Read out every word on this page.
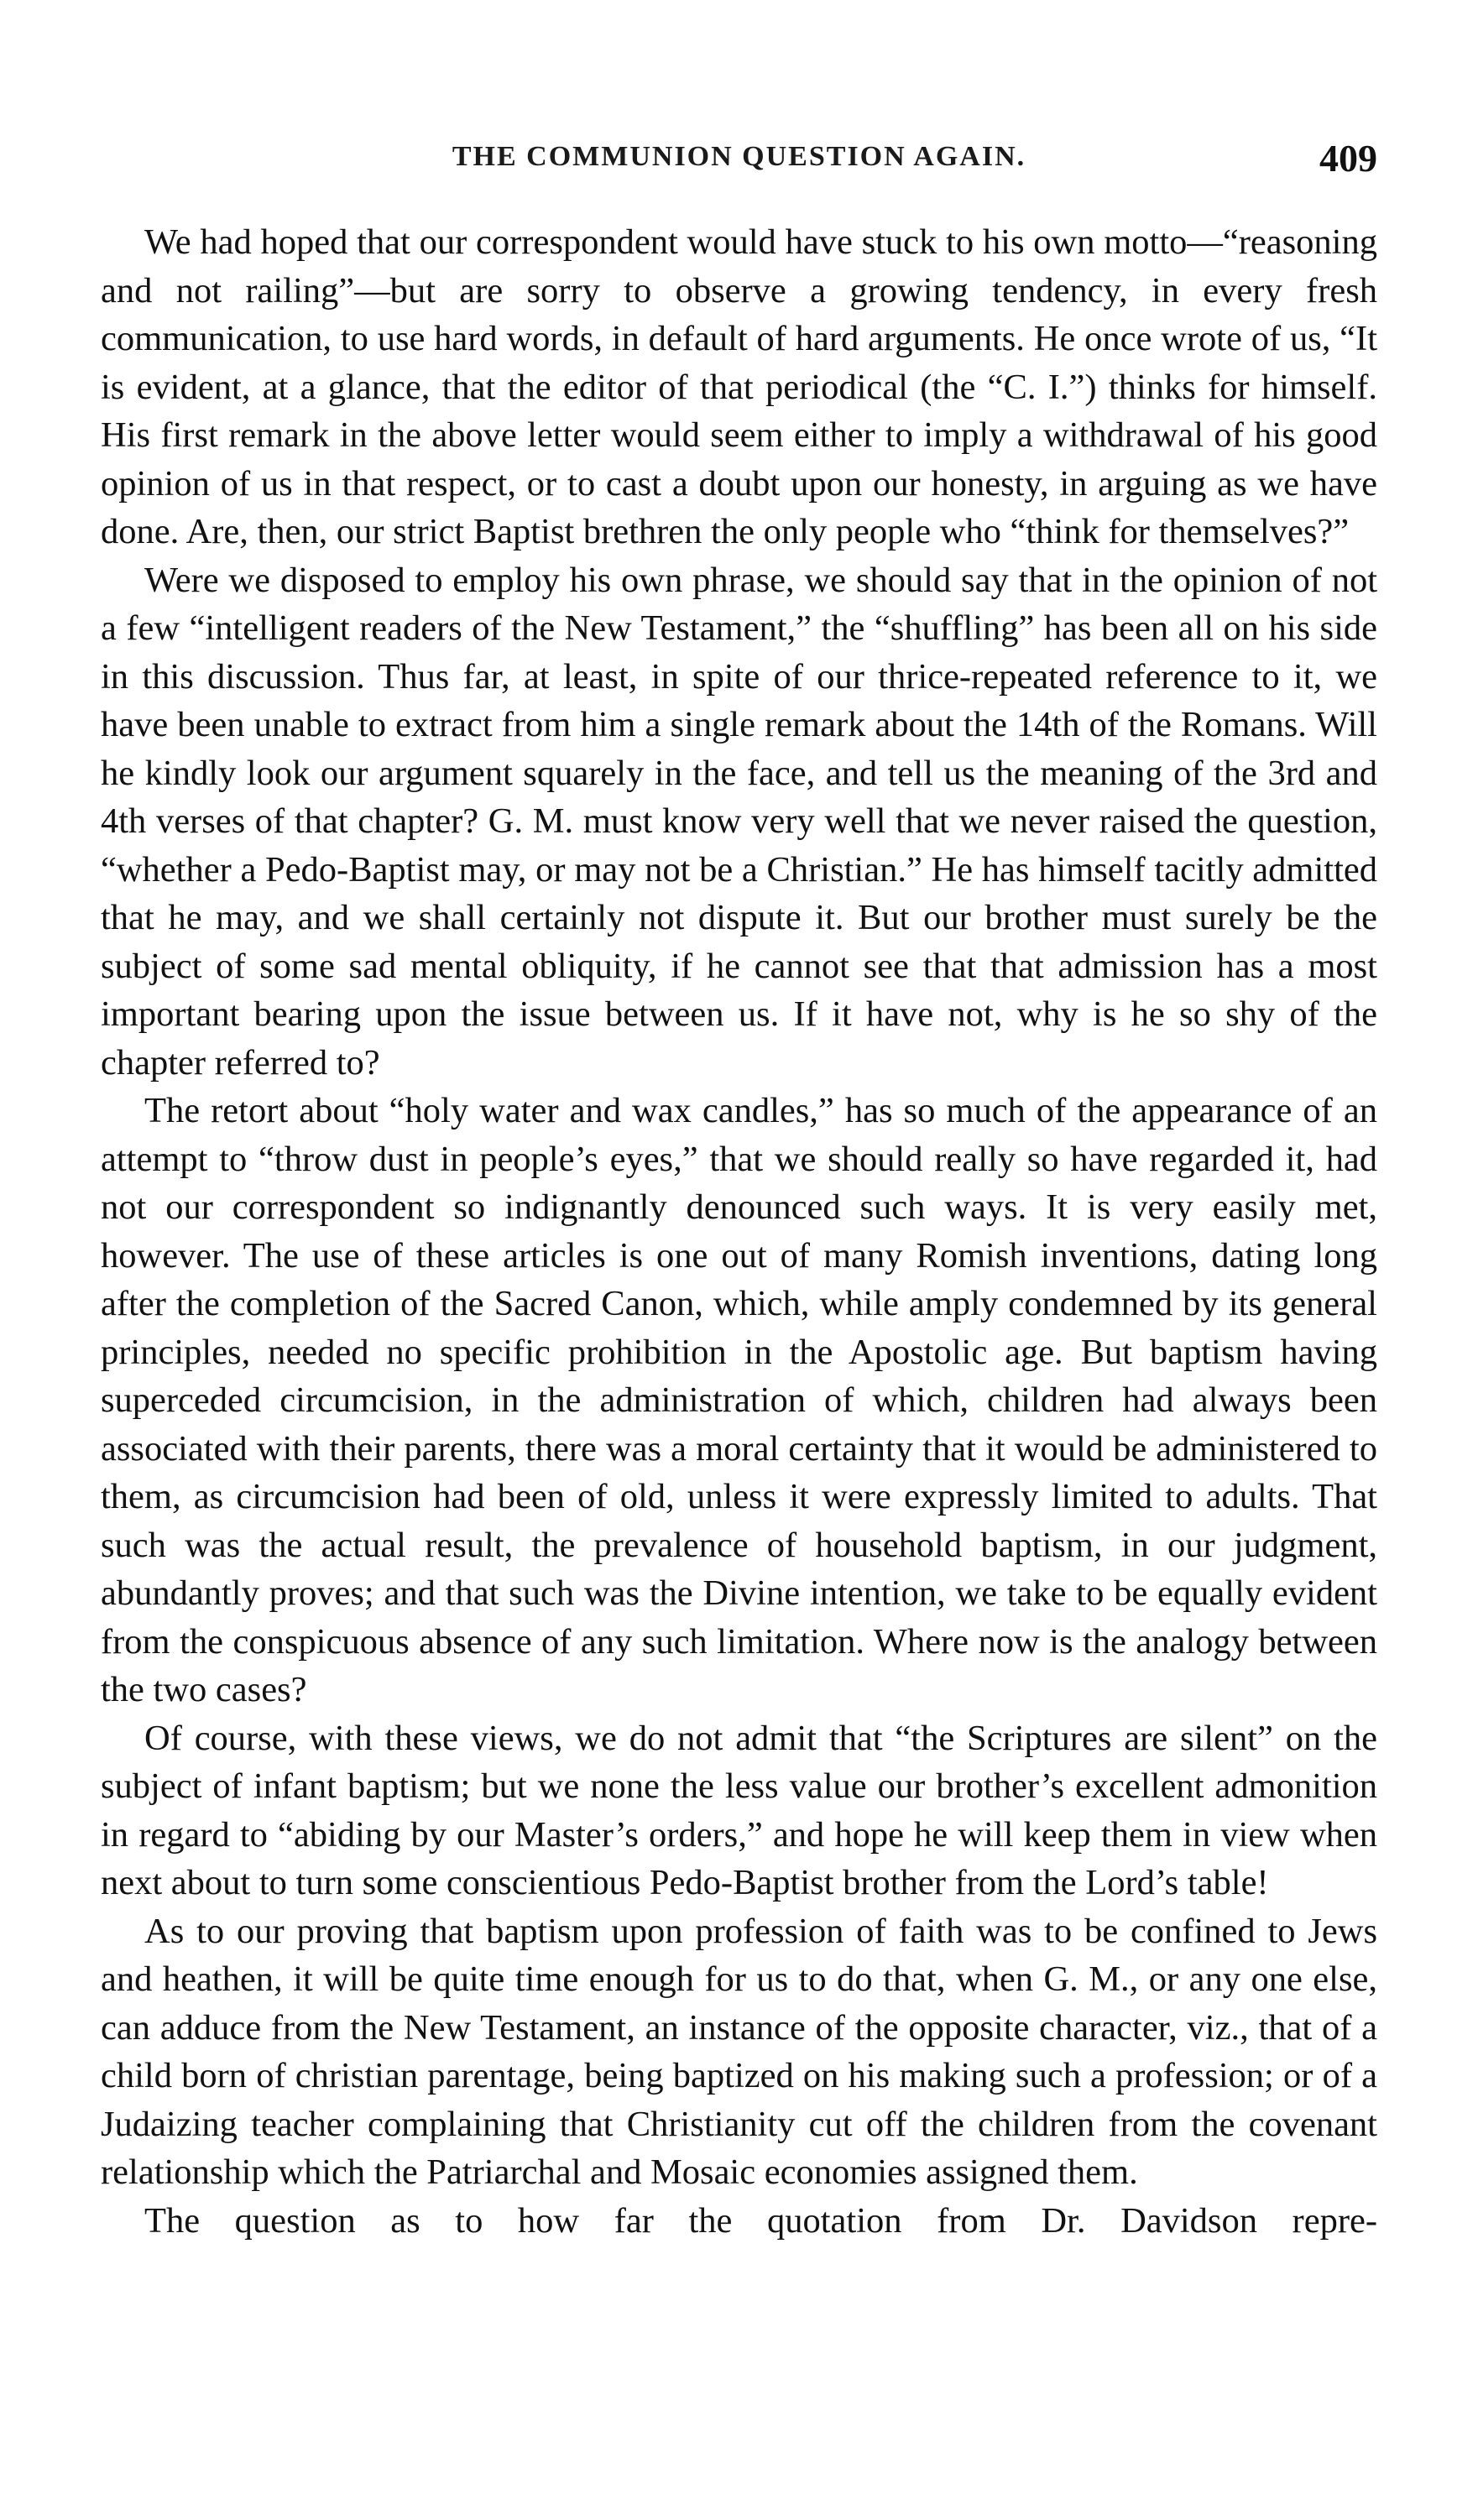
THE COMMUNION QUESTION AGAIN.	409

We had hoped that our correspondent would have stuck to his own motto—“reasoning and not railing”—but are sorry to observe a growing tendency, in every fresh communication, to use hard words, in default of hard arguments. He once wrote of us, “It is evident, at a glance, that the editor of that periodical (the “C. I.”) thinks for himself. His first remark in the above letter would seem either to imply a withdrawal of his good opinion of us in that respect, or to cast a doubt upon our honesty, in arguing as we have done. Are, then, our strict Baptist brethren the only people who “think for themselves?”

Were we disposed to employ his own phrase, we should say that in the opinion of not a few “intelligent readers of the New Testament,” the “shuffling” has been all on his side in this discussion. Thus far, at least, in spite of our thrice-repeated reference to it, we have been unable to extract from him a single remark about the 14th of the Romans. Will he kindly look our argument squarely in the face, and tell us the meaning of the 3rd and 4th verses of that chapter? G. M. must know very well that we never raised the question, “whether a Pedo-Baptist may, or may not be a Christian.” He has himself tacitly admitted that he may, and we shall certainly not dispute it. But our brother must surely be the subject of some sad mental obliquity, if he cannot see that that admission has a most important bearing upon the issue between us. If it have not, why is he so shy of the chapter referred to?

The retort about “holy water and wax candles,” has so much of the appearance of an attempt to “throw dust in people’s eyes,” that we should really so have regarded it, had not our correspondent so indignantly denounced such ways. It is very easily met, however. The use of these articles is one out of many Romish inventions, dating long after the completion of the Sacred Canon, which, while amply condemned by its general principles, needed no specific prohibition in the Apostolic age. But baptism having superceded circumcision, in the administration of which, children had always been associated with their parents, there was a moral certainty that it would be administered to them, as circumcision had been of old, unless it were expressly limited to adults. That such was the actual result, the prevalence of household baptism, in our judgment, abundantly proves; and that such was the Divine intention, we take to be equally evident from the conspicuous absence of any such limitation. Where now is the analogy between the two cases?

Of course, with these views, we do not admit that “the Scriptures are silent” on the subject of infant baptism; but we none the less value our brother’s excellent admonition in regard to “abiding by our Master’s orders,” and hope he will keep them in view when next about to turn some conscientious Pedo-Baptist brother from the Lord’s table!

As to our proving that baptism upon profession of faith was to be confined to Jews and heathen, it will be quite time enough for us to do that, when G. M., or any one else, can adduce from the New Testament, an instance of the opposite character, viz., that of a child born of christian parentage, being baptized on his making such a profession; or of a Judaizing teacher complaining that Christianity cut off the children from the covenant relationship which the Patriarchal and Mosaic economies assigned them.

The question as to how far the quotation from Dr. Davidson repre-
